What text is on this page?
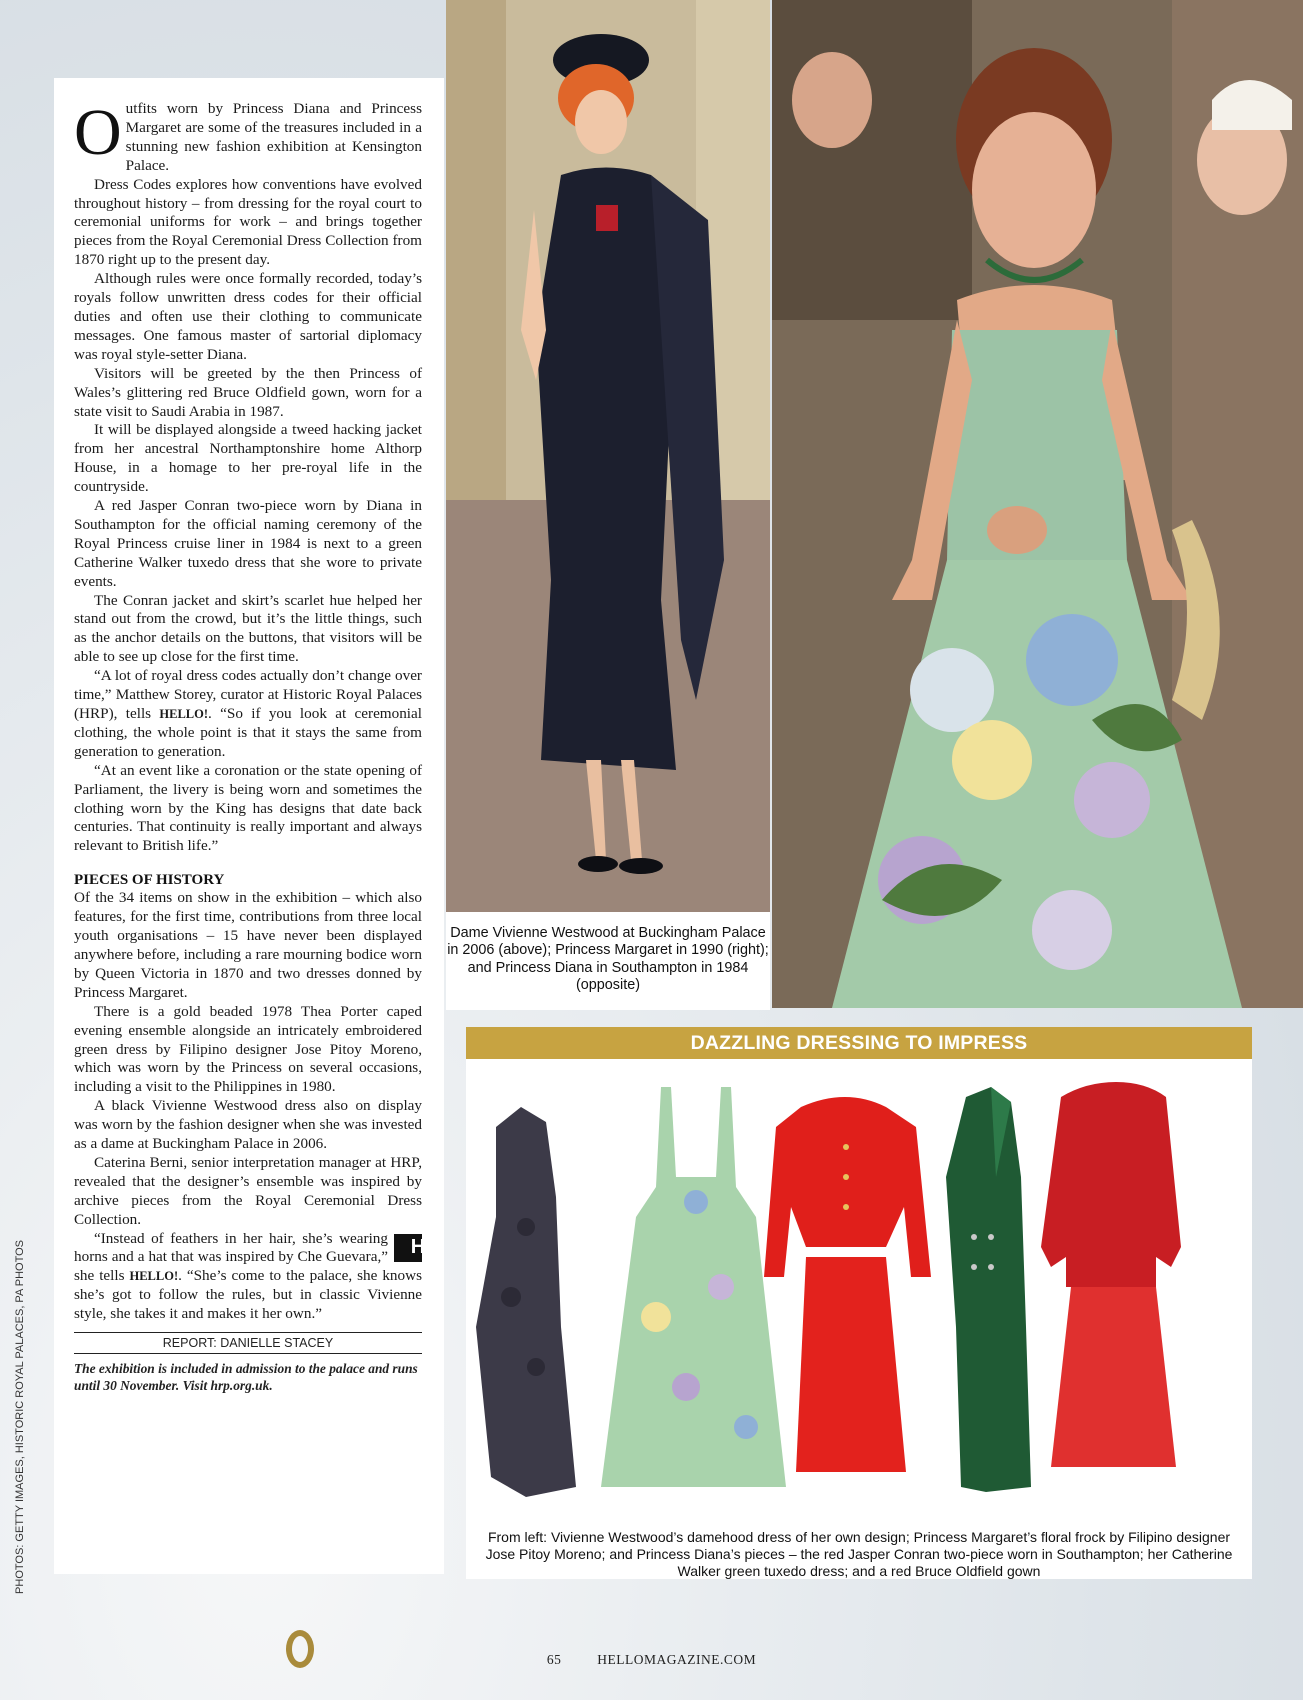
PHOTOS: GETTY IMAGES, HISTORIC ROYAL PALACES, PA PHOTOS

Outfits worn by Princess Diana and Princess Margaret are some of the treasures included in a stunning new fashion exhibition at Kensington Palace.

Dress Codes explores how conventions have evolved throughout history – from dressing for the royal court to ceremonial uniforms for work – and brings together pieces from the Royal Ceremonial Dress Collection from 1870 right up to the present day.

Although rules were once formally recorded, today’s royals follow unwritten dress codes for their official duties and often use their clothing to communicate messages. One famous master of sartorial diplomacy was royal style-setter Diana.

Visitors will be greeted by the then Princess of Wales’s glittering red Bruce Oldfield gown, worn for a state visit to Saudi Arabia in 1987.

It will be displayed alongside a tweed hacking jacket from her ancestral Northamptonshire home Althorp House, in a homage to her pre-royal life in the countryside.

A red Jasper Conran two-piece worn by Diana in Southampton for the official naming ceremony of the Royal Princess cruise liner in 1984 is next to a green Catherine Walker tuxedo dress that she wore to private events.

The Conran jacket and skirt’s scarlet hue helped her stand out from the crowd, but it’s the little things, such as the anchor details on the buttons, that visitors will be able to see up close for the first time.

“A lot of royal dress codes actually don’t change over time,” Matthew Storey, curator at Historic Royal Palaces (HRP), tells HELLO!. “So if you look at ceremonial clothing, the whole point is that it stays the same from generation to generation.

“At an event like a coronation or the state opening of Parliament, the livery is being worn and sometimes the clothing worn by the King has designs that date back centuries. That continuity is really important and always relevant to British life.”

PIECES OF HISTORY

Of the 34 items on show in the exhibition – which also features, for the first time, contributions from three local youth organisations – 15 have never been displayed anywhere before, including a rare mourning bodice worn by Queen Victoria in 1870 and two dresses donned by Princess Margaret.

There is a gold beaded 1978 Thea Porter caped evening ensemble alongside an intricately embroidered green dress by Filipino designer Jose Pitoy Moreno, which was worn by the Princess on several occasions, including a visit to the Philippines in 1980.

A black Vivienne Westwood dress also on display was worn by the fashion designer when she was invested as a dame at Buckingham Palace in 2006.

Caterina Berni, senior interpretation manager at HRP, revealed that the designer’s ensemble was inspired by archive pieces from the Royal Ceremonial Dress Collection.

H
“Instead of feathers in her hair, she’s wearing horns and a hat that was inspired by Che Guevara,” she tells HELLO!. “She’s come to the palace, she knows she’s got to follow the rules, but in classic Vivienne style, she takes it and makes it her own.”

REPORT: DANIELLE STACEY
The exhibition is included in admission to the palace and runs until 30 November. Visit hrp.org.uk.
Dame Vivienne Westwood at Buckingham Palace in 2006 (above); Princess Margaret in 1990 (right); and Princess Diana in Southampton in 1984 (opposite)
DAZZLING DRESSING TO IMPRESS
From left: Vivienne Westwood’s damehood dress of her own design; Princess Margaret’s floral frock by Filipino designer Jose Pitoy Moreno; and Princess Diana’s pieces – the red Jasper Conran two-piece worn in Southampton; her Catherine Walker green tuxedo dress; and a red Bruce Oldfield gown
65	HELLOMAGAZINE.COM
